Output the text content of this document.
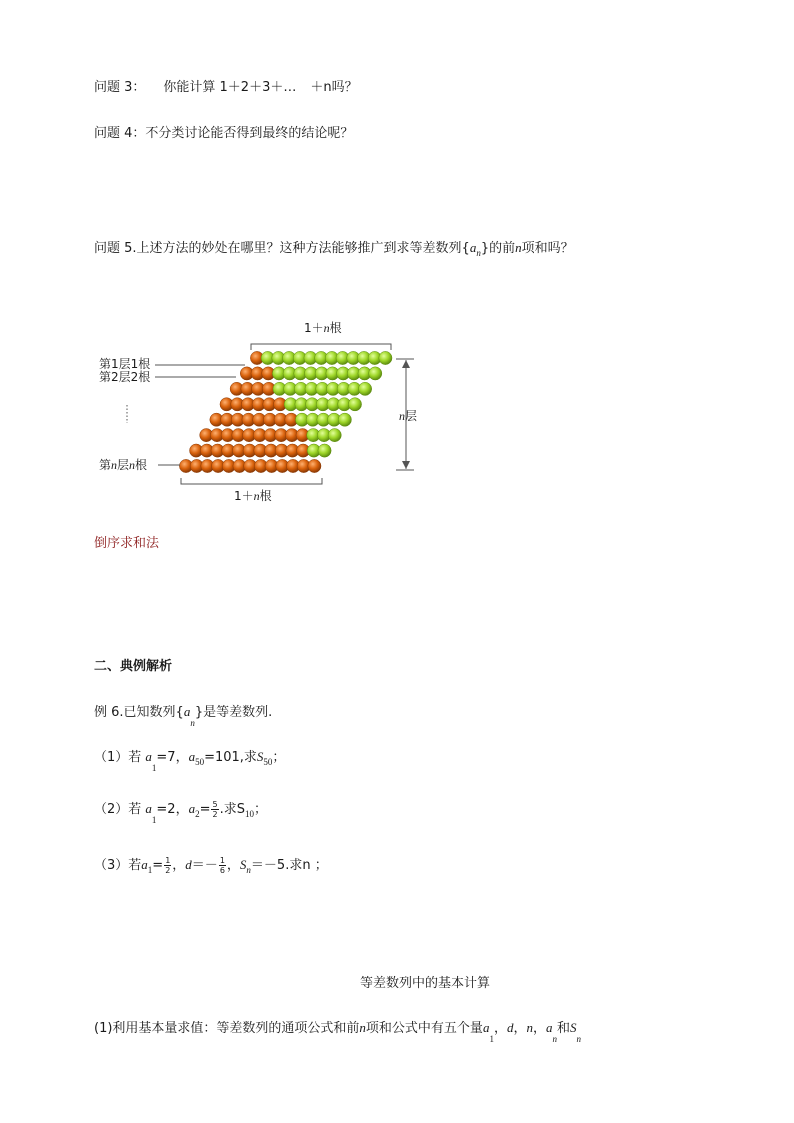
问题 3： 你能计算 1＋2＋3＋… ＋n吗？
问题 4：不分类讨论能否得到最终的结论呢？
问题 5.上述方法的妙处在哪里？这种方法能够推广到求等差数列$\{a_n\}$的前n项和吗？
1＋n根
1＋n根
n层
第1层1根
第2层2根
第n层n根
倒序求和法
二、典例解析
例 6.已知数列$\{a_n\}$是等差数列.
（1）若 $a_1=7$，$a_{50}=101$,求$S_{50}$；
（2）若 $a_1=2$，$a_2= \frac{5}{2}$ .求$S_{10}$；
（3）若$a_1= \frac{1}{2}$ ，$d=- \frac{1}{6}$ ，$S_n=-5$.求n ；
等差数列中的基本计算
(1)利用基本量求值：等差数列的通项公式和前n项和公式中有五个量$a_1$，d，n，$a_n$和$S_n$
